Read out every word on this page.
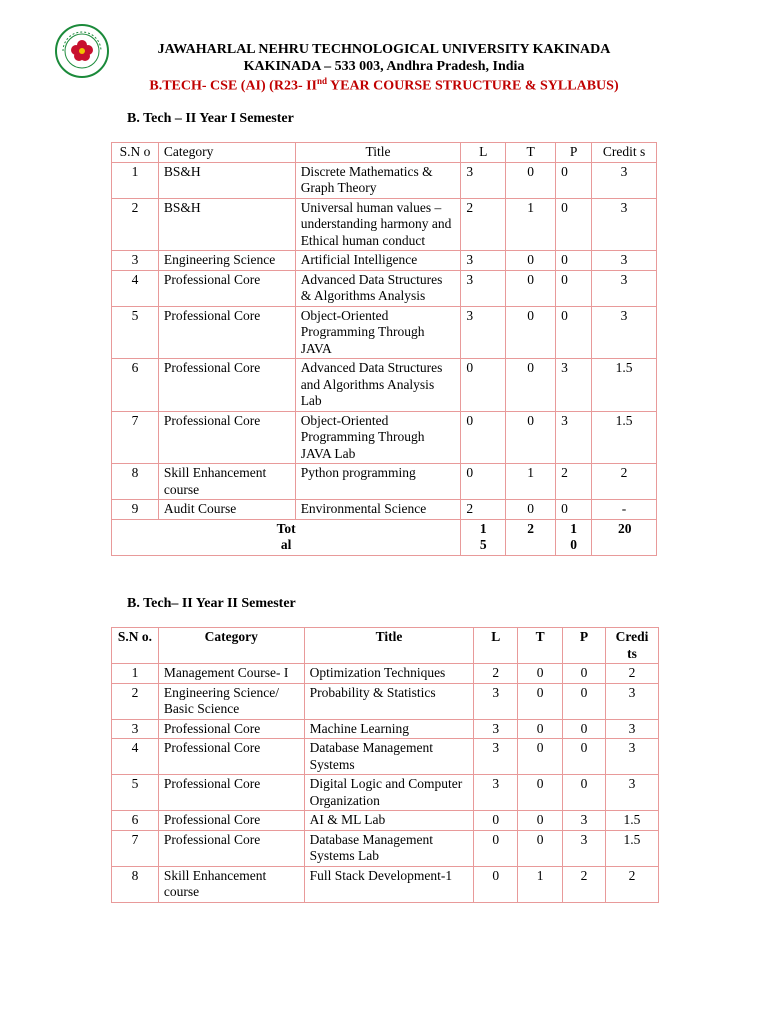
JAWAHARLAL NEHRU TECHNOLOGICAL UNIVERSITY KAKINADA
KAKINADA – 533 003, Andhra Pradesh, India
B.TECH- CSE (AI) (R23- IInd YEAR COURSE STRUCTURE & SYLLABUS)
B. Tech – II Year I Semester
S.N o	Category	Title	L	T	P	Credit s
1	BS&H	Discrete Mathematics & Graph Theory	3	0	0	3
2	BS&H	Universal human values – understanding harmony and Ethical human conduct	2	1	0	3
3	Engineering Science	Artificial Intelligence	3	0	0	3
4	Professional Core	Advanced Data Structures & Algorithms Analysis	3	0	0	3
5	Professional Core	Object-Oriented Programming Through JAVA	3	0	0	3
6	Professional Core	Advanced Data Structures and Algorithms Analysis Lab	0	0	3	1.5
7	Professional Core	Object-Oriented Programming Through JAVA Lab	0	0	3	1.5
8	Skill Enhancement course	Python programming	0	1	2	2
9	Audit Course	Environmental Science	2	0	0	-

Tot al			1 5	2	1 0	20
B. Tech– II Year II Semester
S.N o.	Category	Title	L	T	P	Credi ts
1	Management Course- I	Optimization Techniques	2	0	0	2
2	Engineering Science/ Basic Science	Probability & Statistics	3	0	0	3
3	Professional Core	Machine Learning	3	0	0	3
4	Professional Core	Database Management Systems	3	0	0	3
5	Professional Core	Digital Logic and Computer Organization	3	0	0	3
6	Professional Core	AI & ML Lab	0	0	3	1.5
7	Professional Core	Database Management Systems Lab	0	0	3	1.5
8	Skill Enhancement course	Full Stack Development-1	0	1	2	2
